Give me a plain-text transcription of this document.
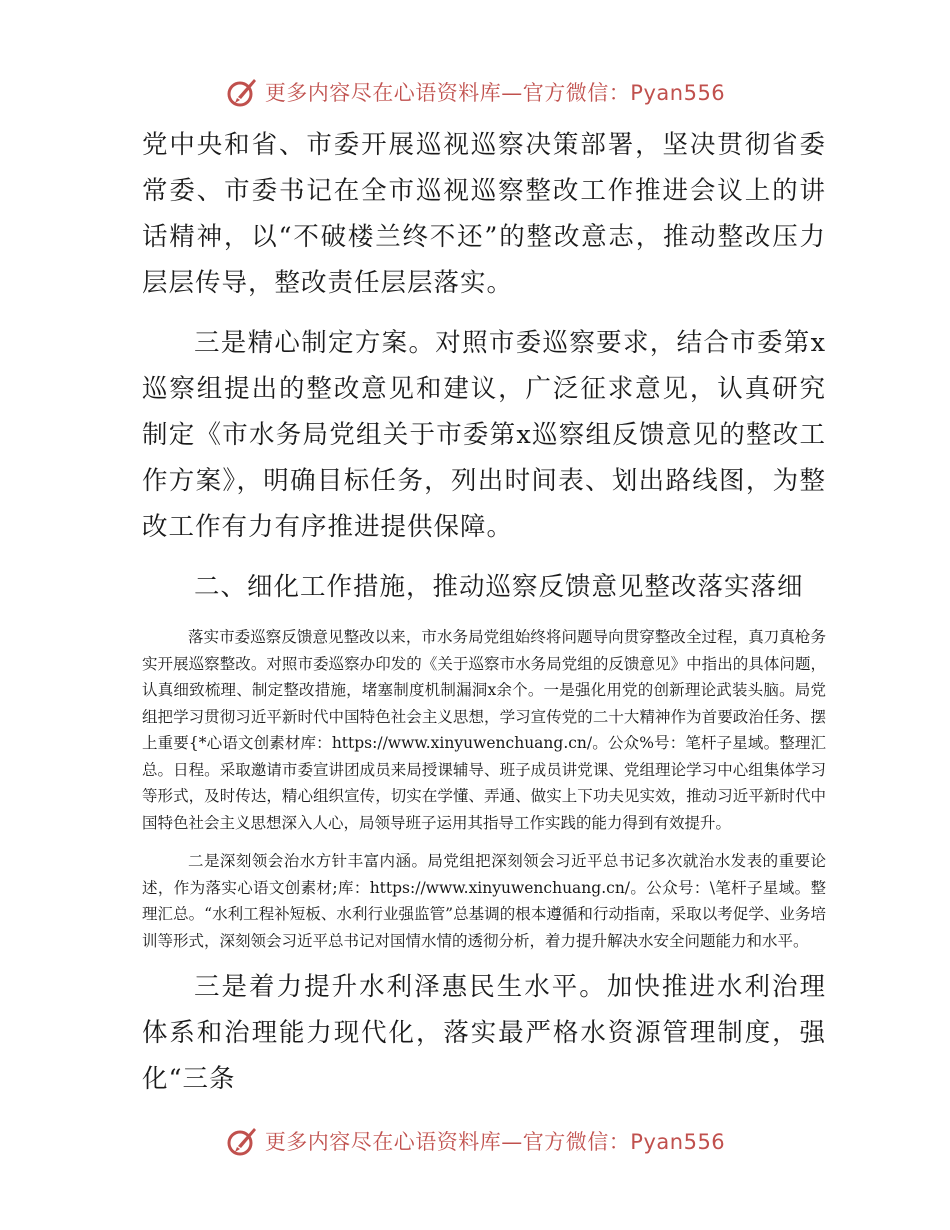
更多内容尽在心语资料库—官方微信：Pyan556

党中央和省、市委开展巡视巡察决策部署，坚决贯彻省委常委、市委书记在全市巡视巡察整改工作推进会议上的讲话精神，以“不破楼兰终不还”的整改意志，推动整改压力层层传导，整改责任层层落实。

三是精心制定方案。对照市委巡察要求，结合市委第x巡察组提出的整改意见和建议，广泛征求意见，认真研究制定《市水务局党组关于市委第x巡察组反馈意见的整改工作方案》，明确目标任务，列出时间表、划出路线图，为整改工作有力有序推进提供保障。

二、细化工作措施，推动巡察反馈意见整改落实落细

落实市委巡察反馈意见整改以来，市水务局党组始终将问题导向贯穿整改全过程，真刀真枪务实开展巡察整改。对照市委巡察办印发的《关于巡察市水务局党组的反馈意见》中指出的具体问题，认真细致梳理、制定整改措施，堵塞制度机制漏洞x余个。一是强化用党的创新理论武装头脑。局党组把学习贯彻习近平新时代中国特色社会主义思想，学习宣传党的二十大精神作为首要政治任务、摆上重要{*心语文创素材库：https://www.xinyuwenchuang.cn/。公众%号：笔杆子星域。整理汇总。日程。采取邀请市委宣讲团成员来局授课辅导、班子成员讲党课、党组理论学习中心组集体学习等形式，及时传达，精心组织宣传，切实在学懂、弄通、做实上下功夫见实效，推动习近平新时代中国特色社会主义思想深入人心，局领导班子运用其指导工作实践的能力得到有效提升。

二是深刻领会治水方针丰富内涵。局党组把深刻领会习近平总书记多次就治水发表的重要论述，作为落实心语文创素材;库：https://www.xinyuwenchuang.cn/。公众号：\笔杆子星域。整理汇总。“水利工程补短板、水利行业强监管”总基调的根本遵循和行动指南，采取以考促学、业务培训等形式，深刻领会习近平总书记对国情水情的透彻分析，着力提升解决水安全问题能力和水平。

三是着力提升水利泽惠民生水平。加快推进水利治理体系和治理能力现代化，落实最严格水资源管理制度，强化“三条

更多内容尽在心语资料库—官方微信：Pyan556
